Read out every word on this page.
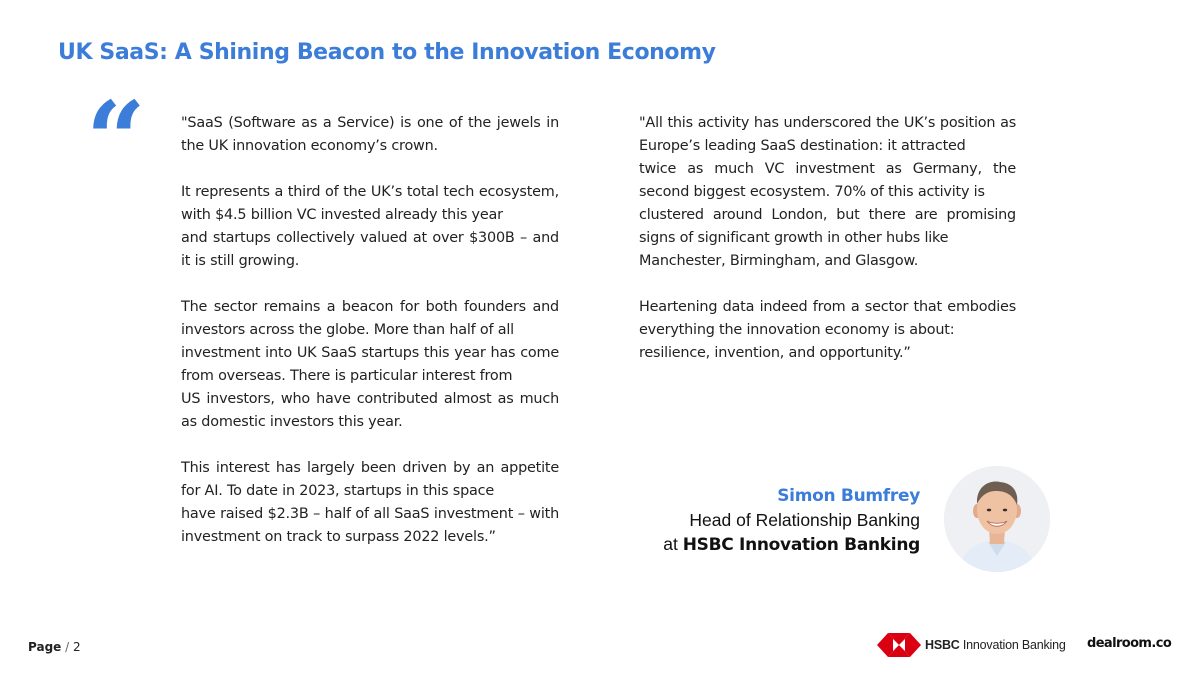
UK SaaS: A Shining Beacon to the Innovation Economy
“ "SaaS (Software as a Service) is one of the jewels in the UK innovation economy’s crown.

It represents a third of the UK’s total tech ecosystem, with $4.5 billion VC invested already this year
and startups collectively valued at over $300B – and it is still growing.

The sector remains a beacon for both founders and investors across the globe. More than half of all
investment into UK SaaS startups this year has come from overseas. There is particular interest from
US investors, who have contributed almost as much as domestic investors this year.

This interest has largely been driven by an appetite for AI. To date in 2023, startups in this space
have raised $2.3B – half of all SaaS investment – with investment on track to surpass 2022 levels.”

"All this activity has underscored the UK’s position as Europe’s leading SaaS destination: it attracted
twice as much VC investment as Germany, the second biggest ecosystem. 70% of this activity is
clustered around London, but there are promising signs of significant growth in other hubs like
Manchester, Birmingham, and Glasgow.

Heartening data indeed from a sector that embodies everything the innovation economy is about:
resilience, invention, and opportunity.”

Simon Bumfrey
Head of Relationship Banking
at HSBC Innovation Banking
Page / 2	HSBC Innovation Banking dealroom.co
